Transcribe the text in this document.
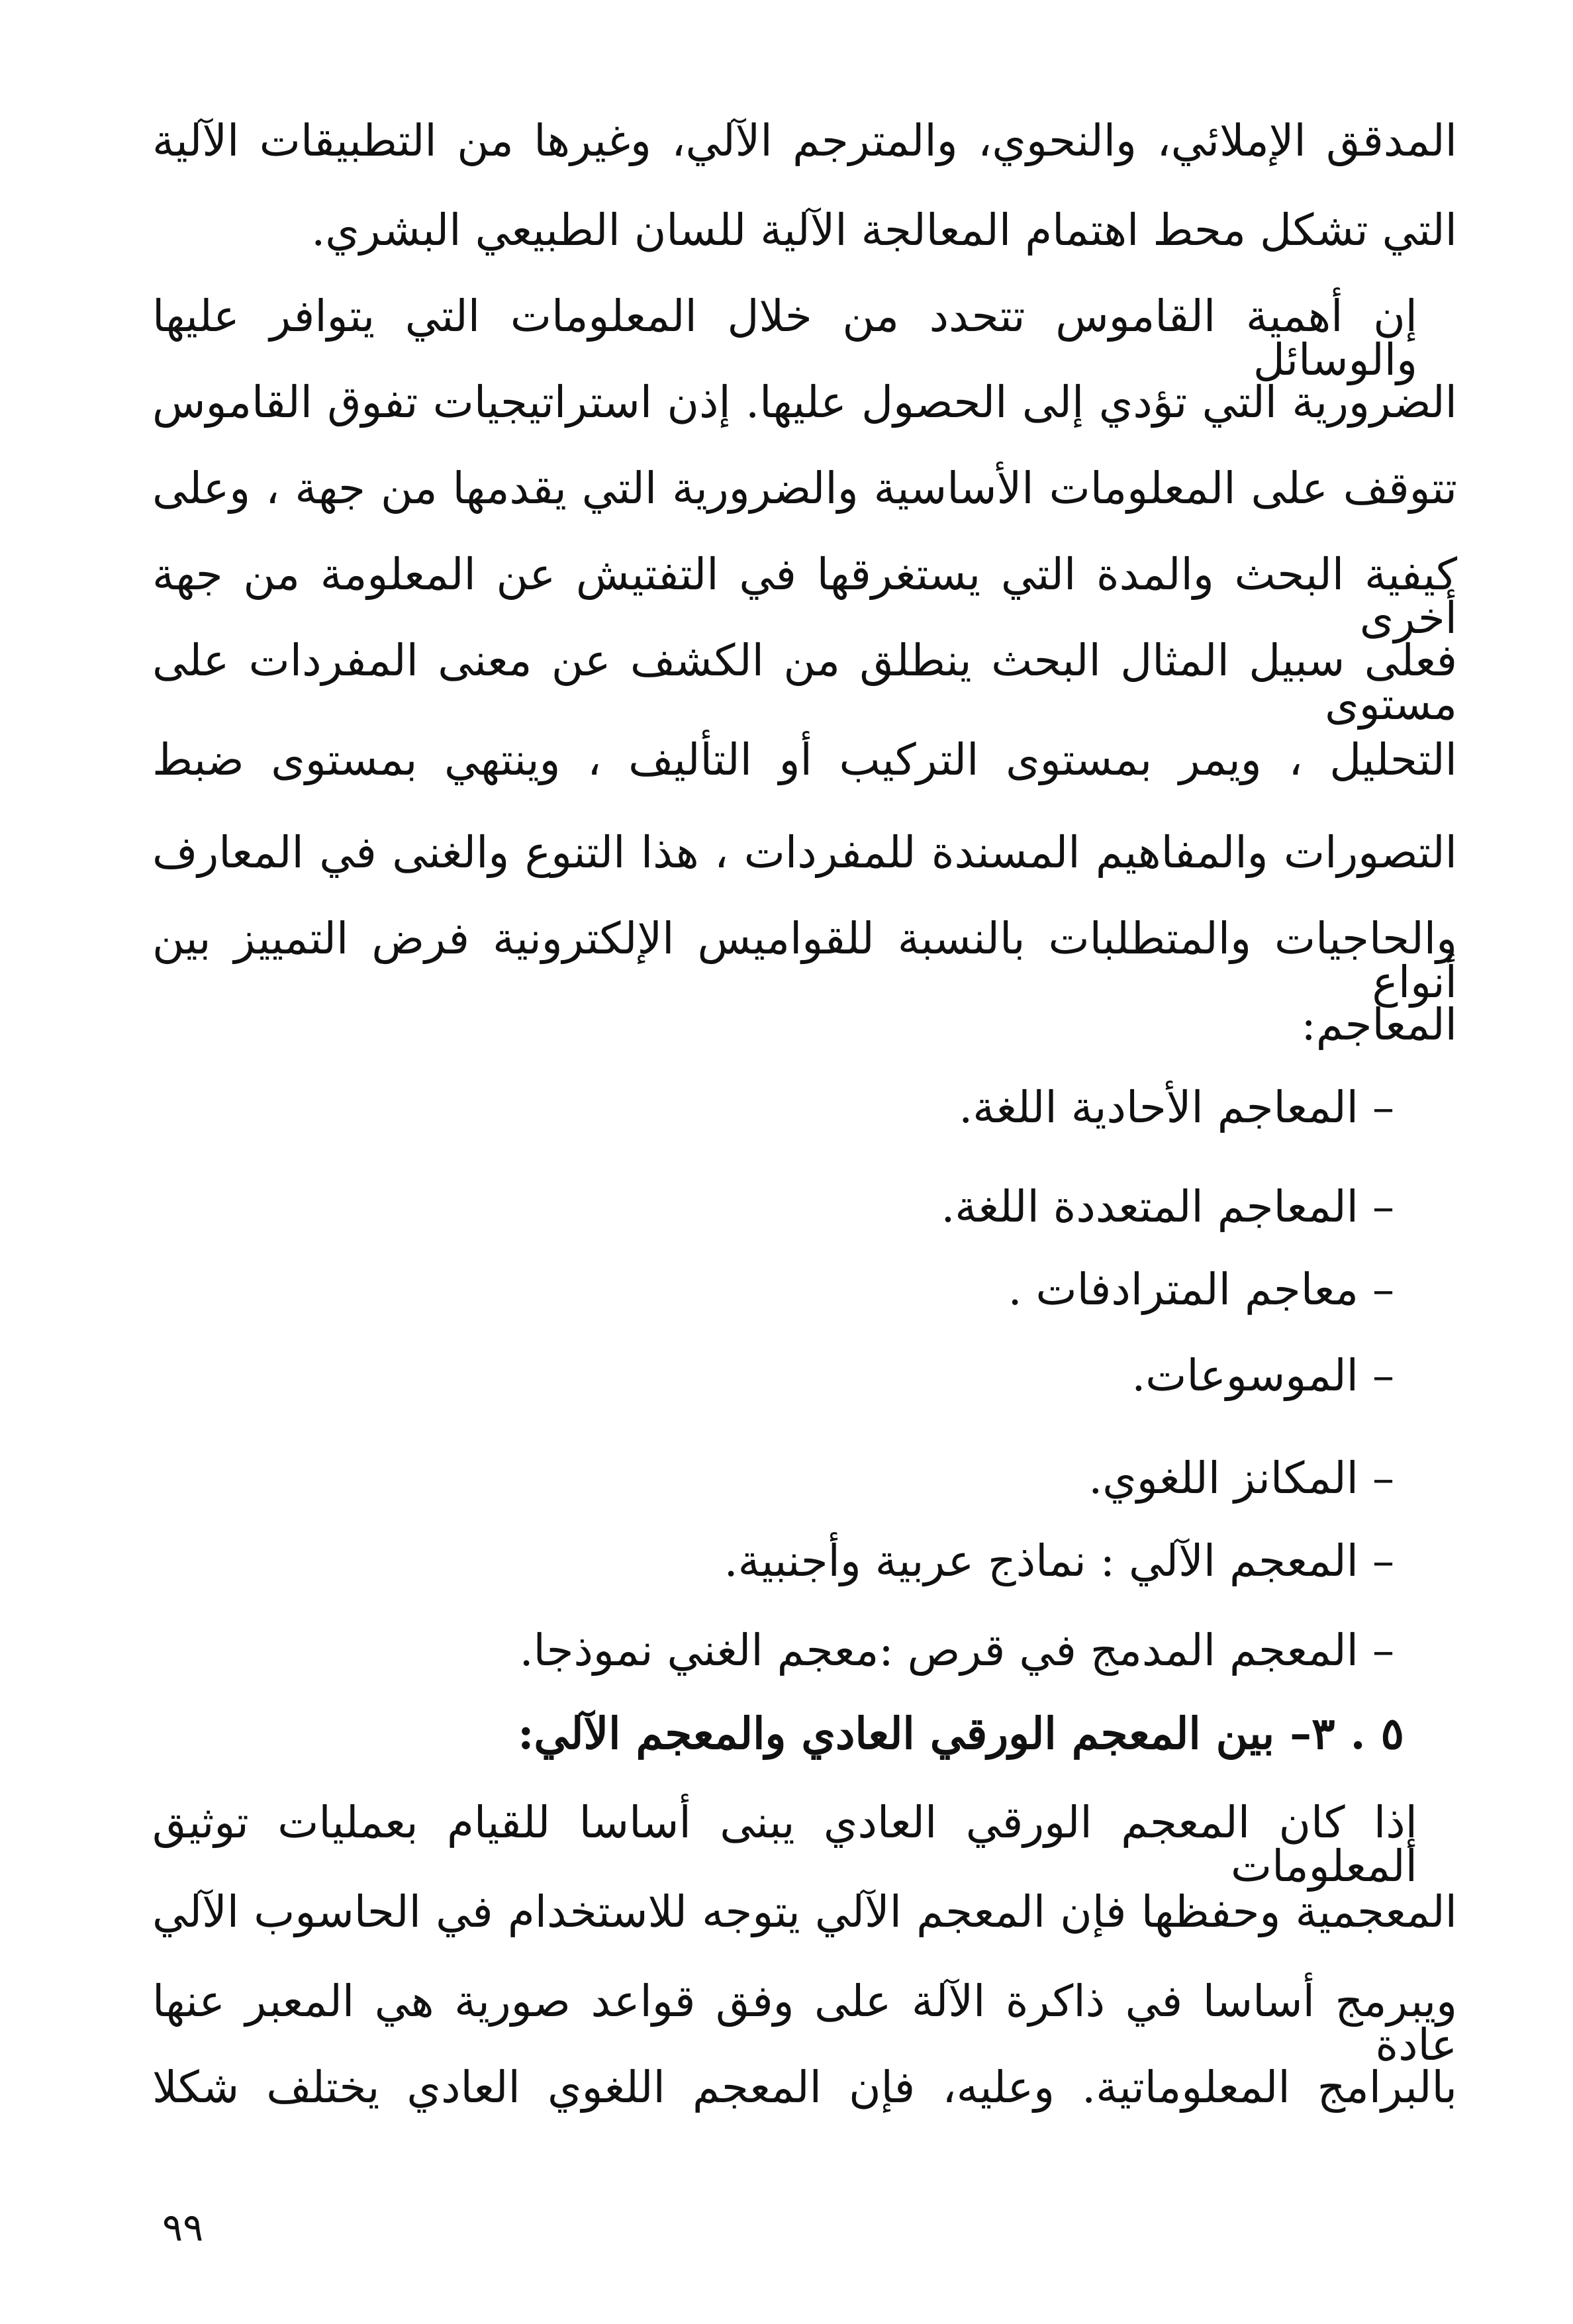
المدقق الإملائي، والنحوي، والمترجم الآلي، وغيرها من التطبيقات الآلية
التي تشكل محط اهتمام المعالجة الآلية للسان الطبيعي البشري.
إن أهمية القاموس تتحدد من خلال المعلومات التي يتوافر عليها والوسائل
الضرورية التي تؤدي إلى الحصول عليها. إذن استراتيجيات تفوق القاموس
تتوقف على المعلومات الأساسية والضرورية التي يقدمها من جهة ، وعلى
كيفية البحث والمدة التي يستغرقها في التفتيش عن المعلومة من جهة أخرى
فعلى سبيل المثال البحث ينطلق من الكشف عن معنى المفردات على مستوى
التحليل ، ويمر بمستوى التركيب أو التأليف ، وينتهي بمستوى ضبط
التصورات والمفاهيم المسندة للمفردات ، هذا التنوع والغنى في المعارف
والحاجيات والمتطلبات بالنسبة للقواميس الإلكترونية فرض التمييز بين أنواع
المعاجم:
– المعاجم الأحادية اللغة.
– المعاجم المتعددة اللغة.
– معاجم المترادفات .
– الموسوعات.
– المكانز اللغوي.
– المعجم الآلي : نماذج عربية وأجنبية.
– المعجم المدمج في قرص :معجم الغني نموذجا.
٥ . ٣– بين المعجم الورقي العادي والمعجم الآلي:
إذا كان المعجم الورقي العادي يبنى أساسا للقيام بعمليات توثيق المعلومات
المعجمية وحفظها فإن المعجم الآلي يتوجه للاستخدام في الحاسوب الآلي
ويبرمج أساسا في ذاكرة الآلة على وفق قواعد صورية هي المعبر عنها عادة
بالبرامج المعلوماتية. وعليه، فإن المعجم اللغوي العادي يختلف شكلا
٩٩
